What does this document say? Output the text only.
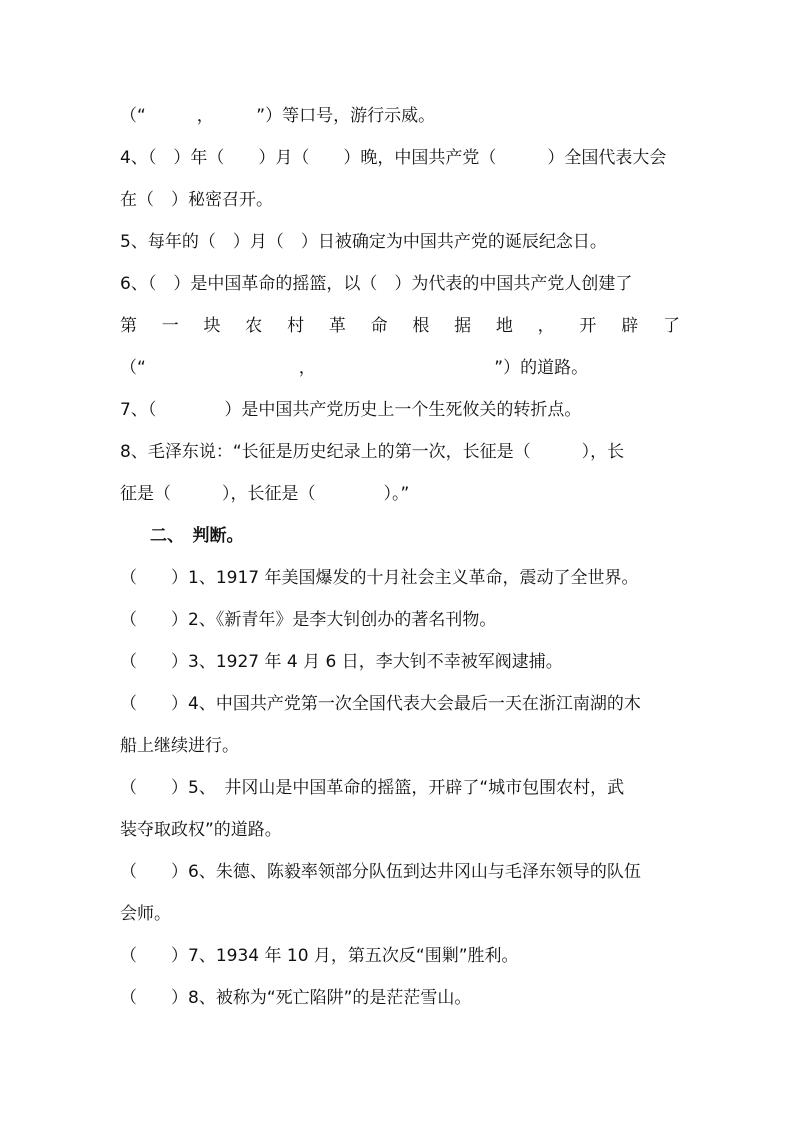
（“　　　，　　　”）等口号，游行示威。
4、（　）年（　　）月（　　）晚，中国共产党（　　　）全国代表大会
在（　）秘密召开。
5、每年的（　）月（　）日被确定为中国共产党的诞辰纪念日。
6、（　）是中国革命的摇篮，以（　）为代表的中国共产党人创建了
第 一 块 农 村 革 命 根 据 地 ， 开 辟 了
（“　　　　　　　　　，　　　　　　　　　　　”）的道路。
7、（　　　　）是中国共产党历史上一个生死攸关的转折点。
8、毛泽东说：“长征是历史纪录上的第一次，长征是（　　　），长
征是（　　　），长征是（　　　　）。”
二、　判断。
（　　）1、1917 年美国爆发的十月社会主义革命，震动了全世界。
（　　）2、《新青年》是李大钊创办的著名刊物。
（　　）3、1927 年 4 月 6 日，李大钊不幸被军阀逮捕。
（　　）4、中国共产党第一次全国代表大会最后一天在浙江南湖的木
船上继续进行。
（　　）5、　井冈山是中国革命的摇篮，开辟了“城市包围农村，武
装夺取政权”的道路。
（　　）6、朱德、陈毅率领部分队伍到达井冈山与毛泽东领导的队伍
会师。
（　　）7、1934 年 10 月，第五次反“围剿”胜利。
（　　）8、被称为“死亡陷阱”的是茫茫雪山。
